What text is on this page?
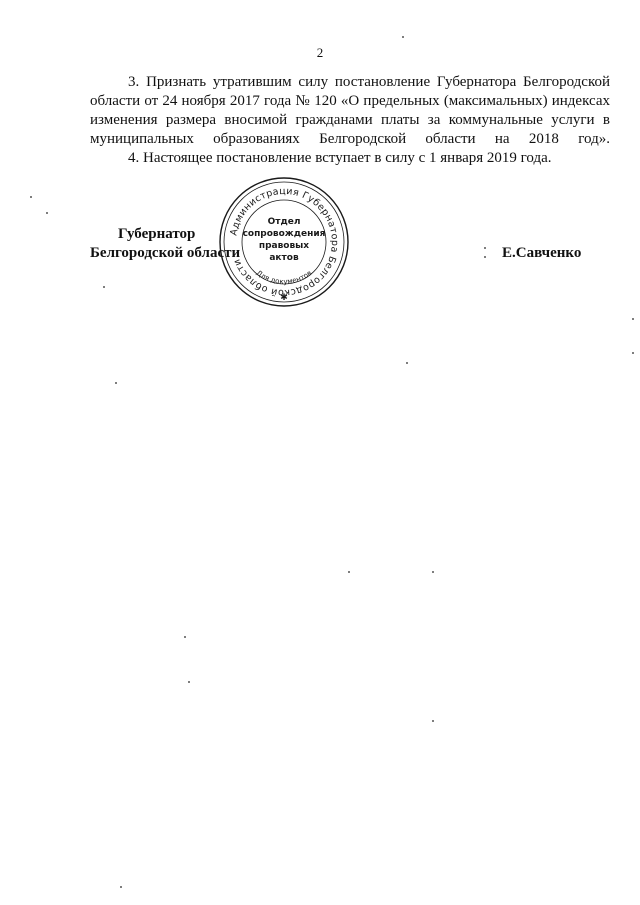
2

3. Признать утратившим силу постановление Губернатора Белгородской области от 24 ноября 2017 года № 120 «О предельных (максимальных) индексах изменения размера вносимой гражданами платы за коммунальные услуги в муниципальных образованиях Белгородской области на 2018 год».

4. Настоящее постановление вступает в силу с 1 января 2019 года.

Губернатор
Белгородской области	Е.Савченко
Администрация Губернатора Белгородской области
Отдел
сопровождения
правовых
актов
Для документов
✱
